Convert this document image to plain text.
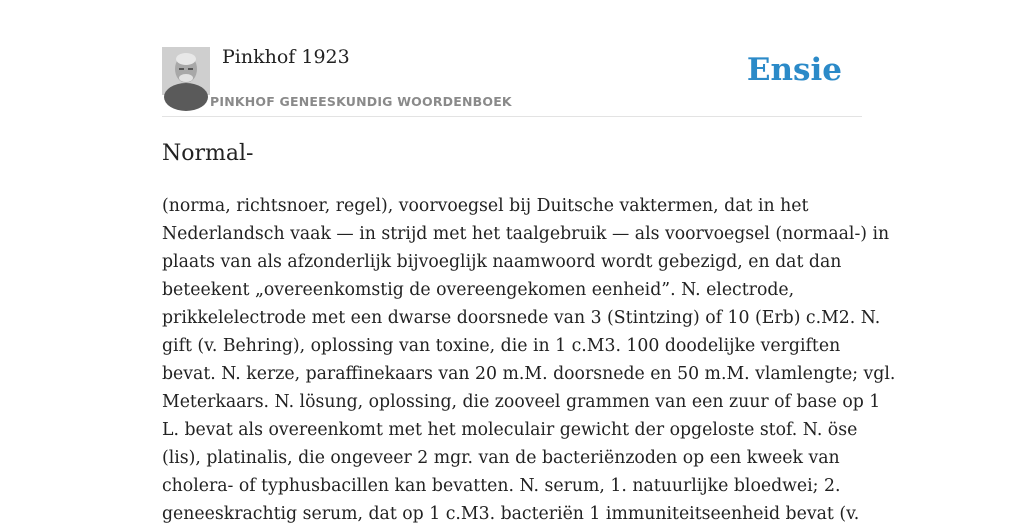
Pinkhof 1923
PINKHOF GENEESKUNDIG WOORDENBOEK
Ensie
Normal-
(norma, richtsnoer, regel), voorvoegsel bij Duitsche vaktermen, dat in het
Nederlandsch vaak — in strijd met het taalgebruik — als voorvoegsel (normaal-) in
plaats van als afzonderlijk bijvoeglijk naamwoord wordt gebezigd, en dat dan
beteekent „overeenkomstig de overeengekomen eenheid”. N. electrode,
prikkelelectrode met een dwarse doorsnede van 3 (Stintzing) of 10 (Erb) c.M2. N.
gift (v. Behring), oplossing van toxine, die in 1 c.M3. 100 doodelijke vergiften
bevat. N. kerze, paraffinekaars van 20 m.M. doorsnede en 50 m.M. vlamlengte; vgl.
Meterkaars. N. lösung, oplossing, die zooveel grammen van een zuur of base op 1
L. bevat als overeenkomt met het moleculair gewicht der opgeloste stof. N. öse
(lis), platinalis, die ongeveer 2 mgr. van de bacteriënzoden op een kweek van
cholera- of typhusbacillen kan bevatten. N. serum, 1. natuurlijke bloedwei; 2.
geneeskrachtig serum, dat op 1 c.M3. bacteriën 1 immuniteitseenheid bevat (v.
